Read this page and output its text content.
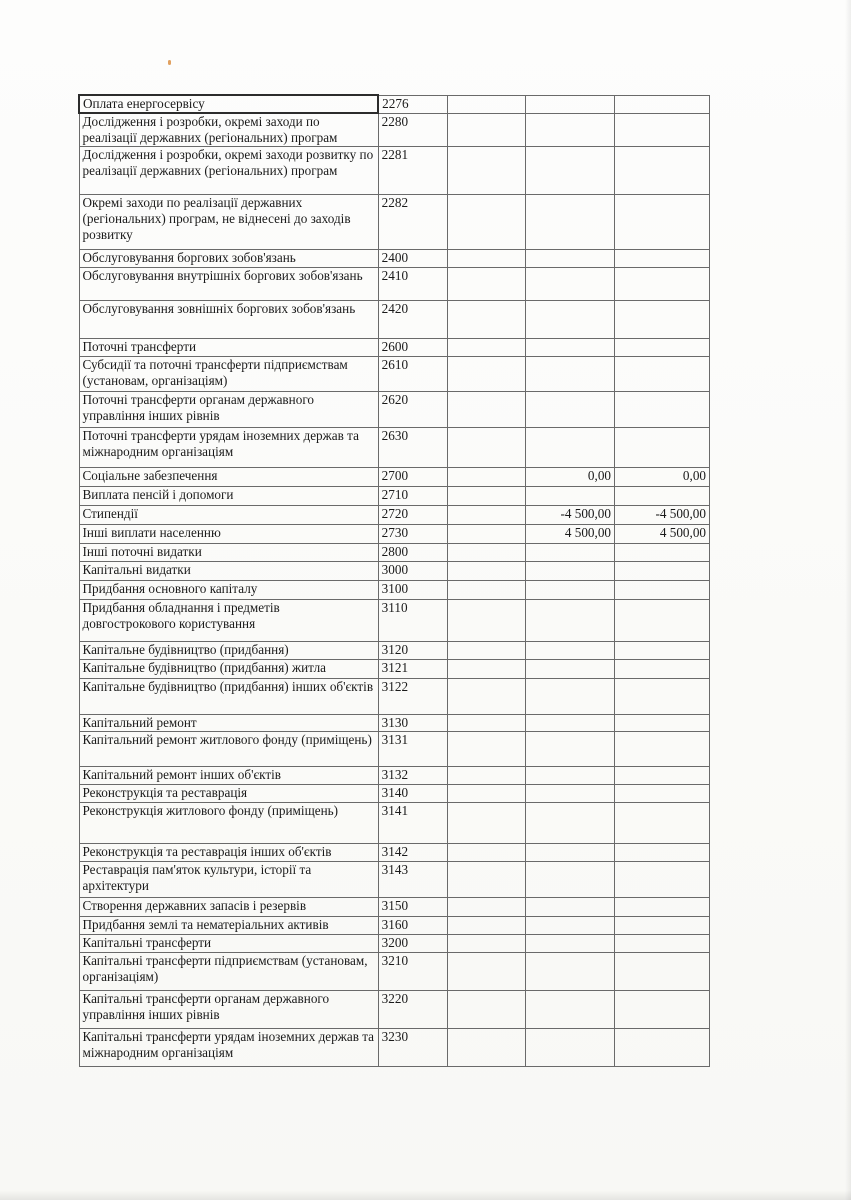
Оплата енергосервісу	2276			
Дослідження і розробки, окремі заходи по реалізації державних (регіональних) програм	2280			
Дослідження і розробки, окремі заходи розвитку по реалізації державних (регіональних) програм	2281			
Окремі заходи по реалізації державних (регіональних) програм, не віднесені до заходів розвитку	2282			
Обслуговування боргових зобов'язань	2400			
Обслуговування внутрішніх боргових зобов'язань	2410			
Обслуговування зовнішніх боргових зобов'язань	2420			
Поточні трансферти	2600			
Субсидії та поточні трансферти підприємствам (установам, організаціям)	2610			
Поточні трансферти органам державного управління інших рівнів	2620			
Поточні трансферти урядам іноземних держав та міжнародним організаціям	2630			
Соціальне забезпечення	2700		0,00	0,00
Виплата пенсій і допомоги	2710			
Стипендії	2720		-4 500,00	-4 500,00
Інші виплати населенню	2730		4 500,00	4 500,00
Інші поточні видатки	2800			
Капітальні видатки	3000			
Придбання основного капіталу	3100			
Придбання обладнання і предметів довгострокового користування	3110			
Капітальне будівництво (придбання)	3120			
Капітальне будівництво (придбання) житла	3121			
Капітальне будівництво (придбання) інших об'єктів	3122			
Капітальний ремонт	3130			
Капітальний ремонт житлового фонду (приміщень)	3131			
Капітальний ремонт інших об'єктів	3132			
Реконструкція та реставрація	3140			
Реконструкція житлового фонду (приміщень)	3141			
Реконструкція та реставрація інших об'єктів	3142			
Реставрація пам'яток культури, історії та архітектури	3143			
Створення державних запасів і резервів	3150			
Придбання землі та нематеріальних активів	3160			
Капітальні трансферти	3200			
Капітальні трансферти підприємствам (установам, організаціям)	3210			
Капітальні трансферти органам державного управління інших рівнів	3220			
Капітальні трансферти урядам іноземних держав та міжнародним організаціям	3230			
